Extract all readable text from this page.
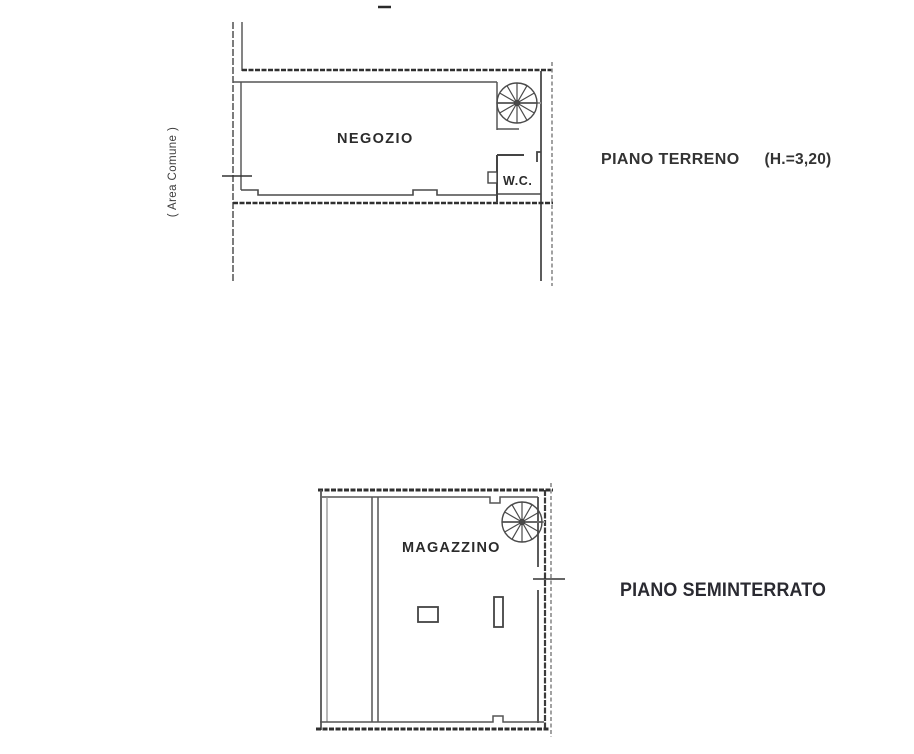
NEGOZIO
W.C.
PIANO TERRENO (H.=3,20)
( Area Comune )
MAGAZZINO
PIANO SEMINTERRATO
